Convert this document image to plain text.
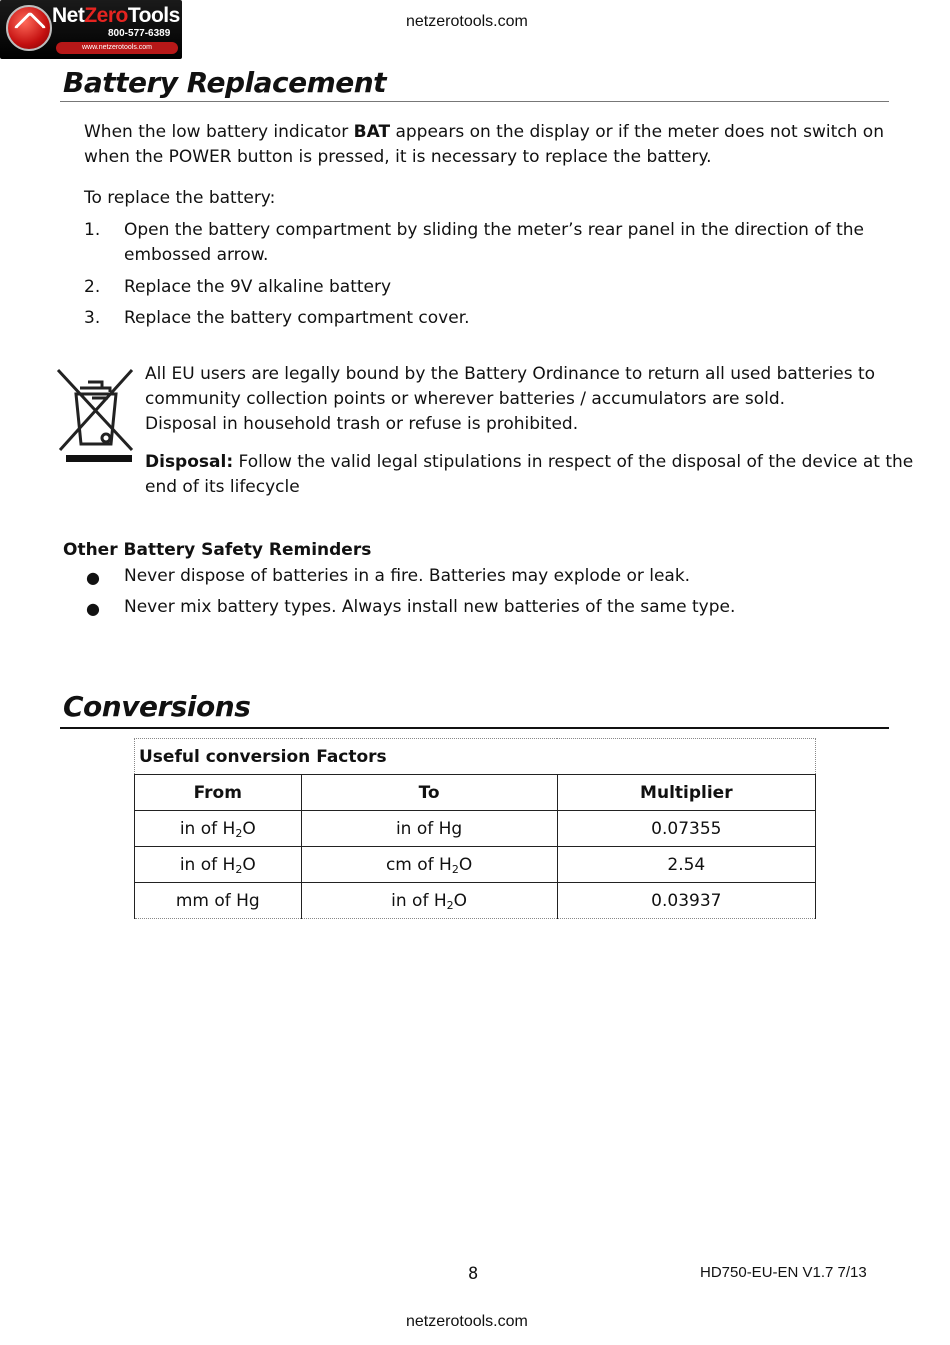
NetZeroTools
800-577-6389
www.netzerotools.com
netzerotools.com
Battery Replacement

When the low battery indicator BAT appears on the display or if the meter does not switch on
when the POWER button is pressed, it is necessary to replace the battery.

To replace the battery:

1. Open the battery compartment by sliding the meter’s rear panel in the direction of the
embossed arrow.
2. Replace the 9V alkaline battery
3. Replace the battery compartment cover.

All EU users are legally bound by the Battery Ordinance to return all used batteries to
community collection points or wherever batteries / accumulators are sold.
Disposal in household trash or refuse is prohibited.

Disposal: Follow the valid legal stipulations in respect of the disposal of the device at the
end of its lifecycle

Other Battery Safety Reminders

● Never dispose of batteries in a fire. Batteries may explode or leak.
● Never mix battery types. Always install new batteries of the same type.
Conversions
Useful conversion Factors		
From	To	Multiplier
in of $H_2O$	in of Hg	0.07355
in of $H_2O$	cm of $H_2O$	2.54
mm of Hg	in of $H_2O$	0.03937
8	HD750-EU-EN V1.7 7/13
netzerotools.com
